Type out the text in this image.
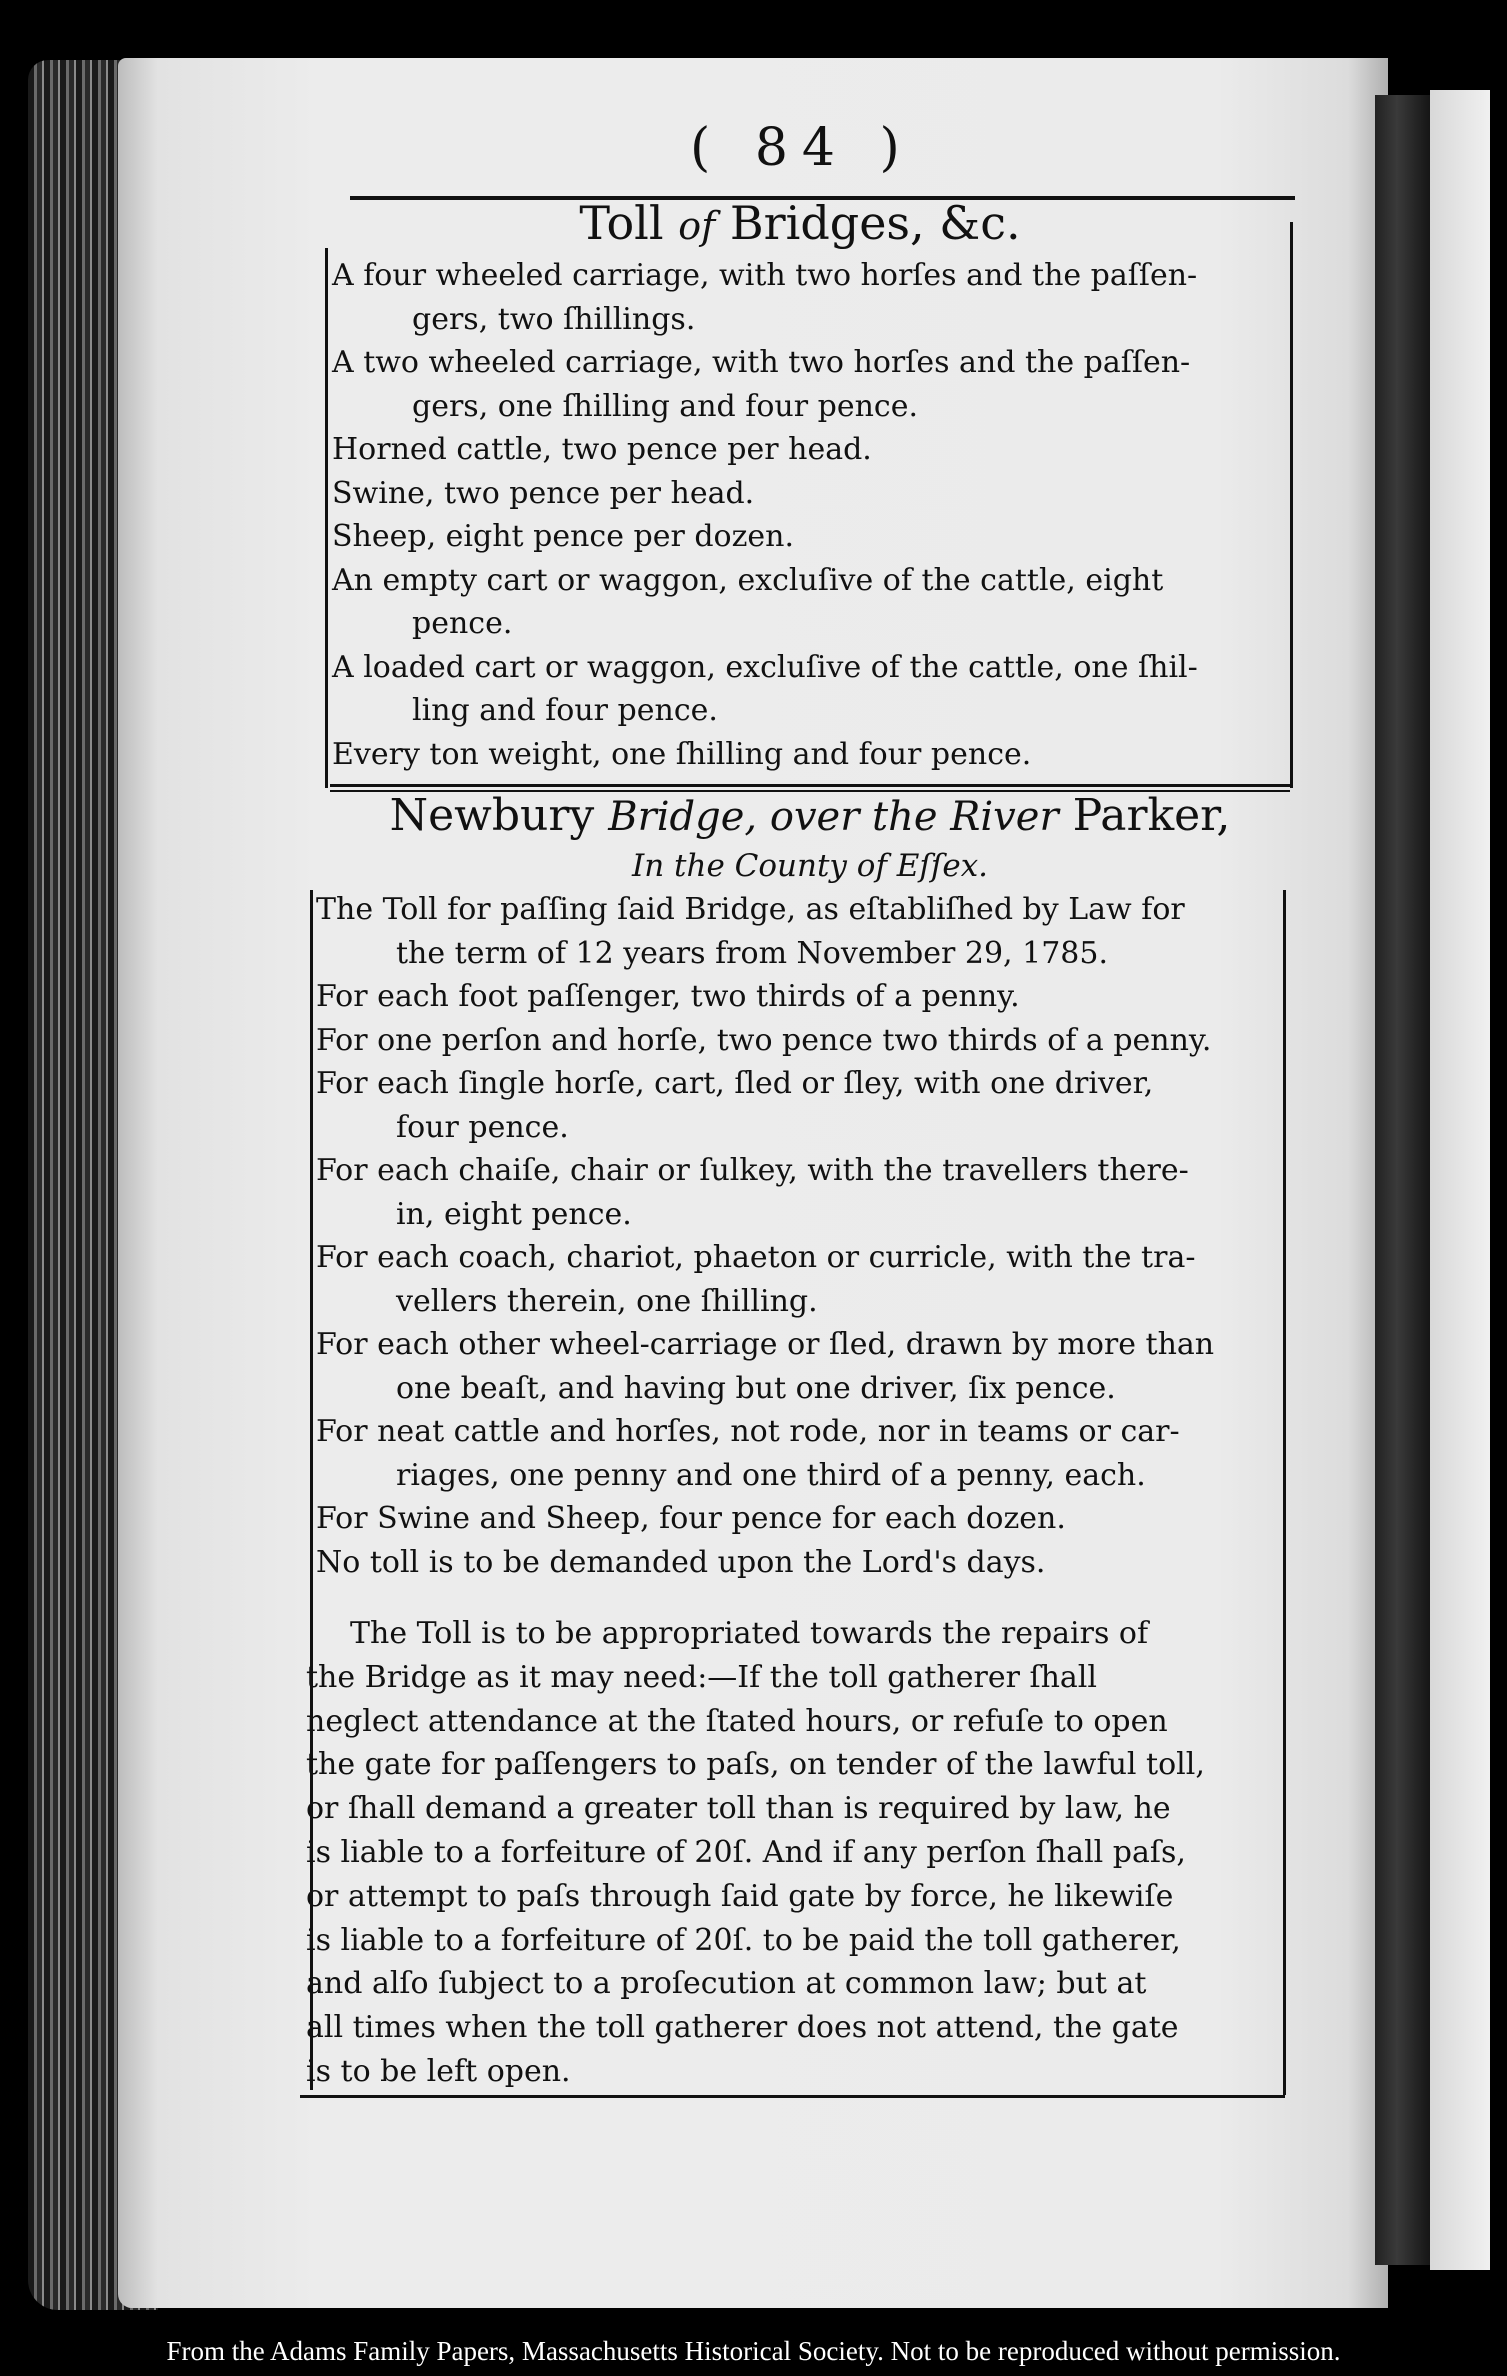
( 84 )
Toll of Bridges, &c.
A four wheeled carriage, with two horſes and the paſſen-
gers, two ſhillings.
A two wheeled carriage, with two horſes and the paſſen-
gers, one ſhilling and four pence.
Horned cattle, two pence per head.
Swine, two pence per head.
Sheep, eight pence per dozen.
An empty cart or waggon, excluſive of the cattle, eight
pence.
A loaded cart or waggon, excluſive of the cattle, one ſhil-
ling and four pence.
Every ton weight, one ſhilling and four pence.
Newbury Bridge, over the River Parker,
In the County of Eſſex.
The Toll for paſſing ſaid Bridge, as eſtabliſhed by Law for
the term of 12 years from November 29, 1785.
For each foot paſſenger, two thirds of a penny.
For one perſon and horſe, two pence two thirds of a penny.
For each ſingle horſe, cart, ſled or ſley, with one driver,
four pence.
For each chaiſe, chair or ſulkey, with the travellers there-
in, eight pence.
For each coach, chariot, phaeton or curricle, with the tra-
vellers therein, one ſhilling.
For each other wheel-carriage or ſled, drawn by more than
one beaſt, and having but one driver, ſix pence.
For neat cattle and horſes, not rode, nor in teams or car-
riages, one penny and one third of a penny, each.
For Swine and Sheep, four pence for each dozen.
No toll is to be demanded upon the Lord's days.
The Toll is to be appropriated towards the repairs of
the Bridge as it may need:—If the toll gatherer ſhall
neglect attendance at the ſtated hours, or refuſe to open
the gate for paſſengers to paſs, on tender of the lawful toll,
or ſhall demand a greater toll than is required by law, he
is liable to a forfeiture of 20ſ. And if any perſon ſhall paſs,
or attempt to paſs through ſaid gate by force, he likewiſe
is liable to a forfeiture of 20ſ. to be paid the toll gatherer,
and alſo ſubject to a proſecution at common law; but at
all times when the toll gatherer does not attend, the gate
is to be left open.
From the Adams Family Papers, Massachusetts Historical Society. Not to be reproduced without permission.
